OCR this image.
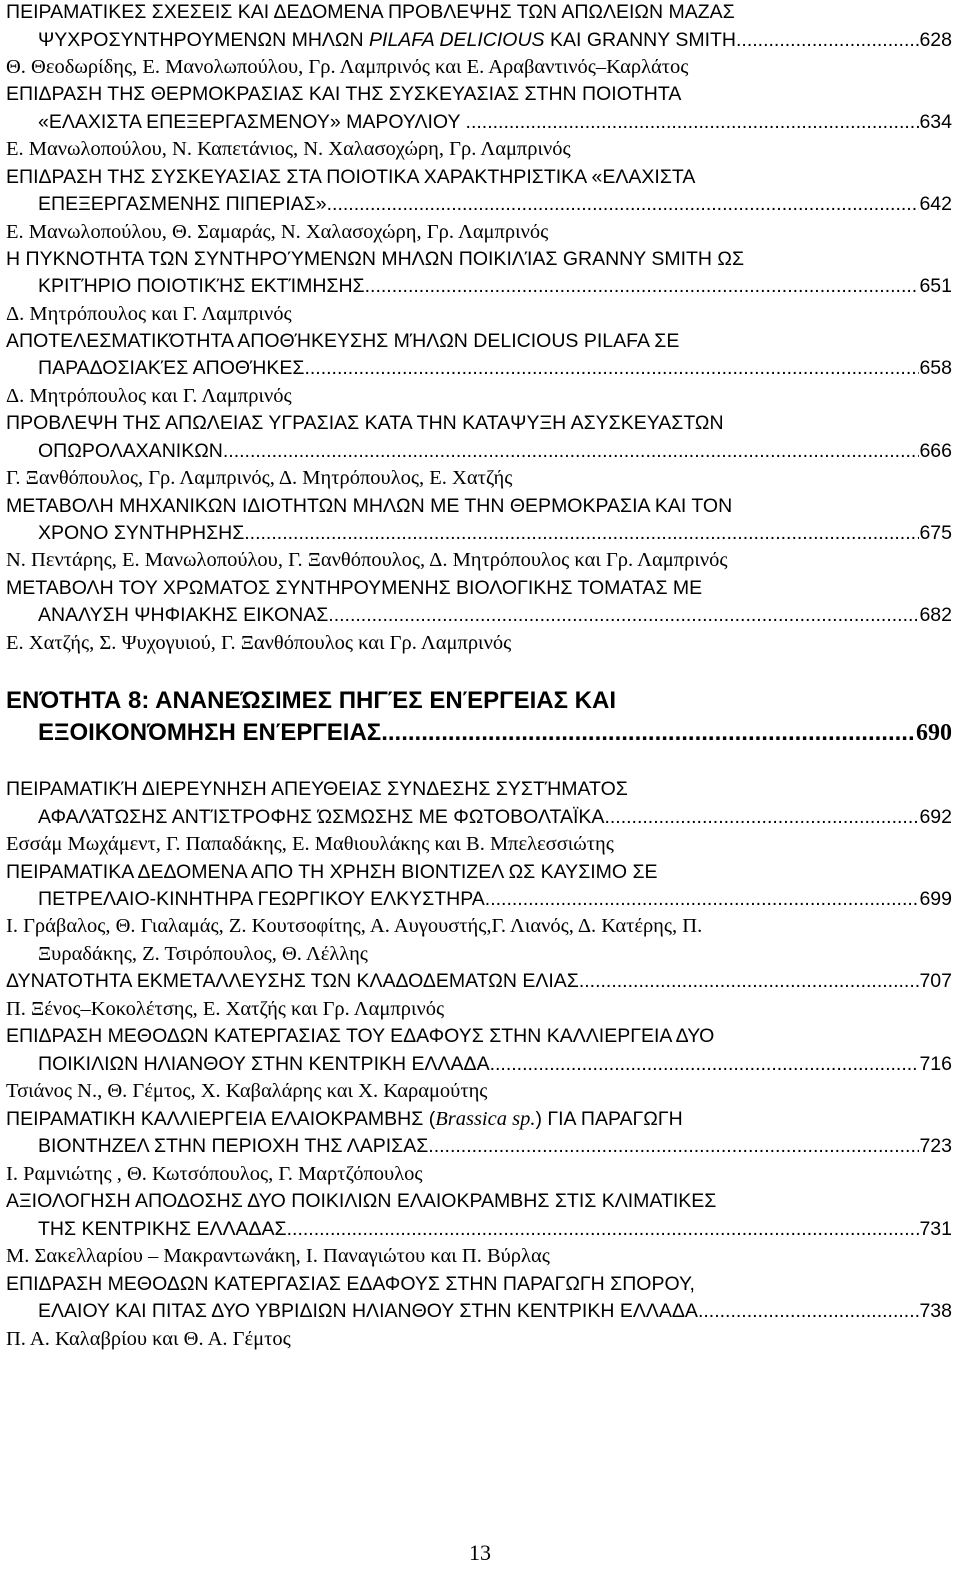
ΠΕΙΡΑΜΑΤΙΚΕΣ ΣΧΕΣΕΙΣ ΚΑΙ ΔΕΔΟΜΕΝΑ ΠΡΟΒΛΕΨΗΣ ΤΩΝ ΑΠΩΛΕΙΩΝ ΜΑΖΑΣ
ΨΥΧΡΟΣΥΝΤΗΡΟΥΜΕΝΩΝ ΜΗΛΩΝ PILAFA DELICIOUS ΚΑΙ GRANNY SMITH .....	628
Θ. Θεοδωρίδης, Ε. Μανολωπούλου, Γρ. Λαμπρινός και Ε. Αραβαντινός–Καρλάτος
ΕΠΙΔΡΑΣΗ ΤΗΣ ΘΕΡΜΟΚΡΑΣΙΑΣ ΚΑΙ ΤΗΣ ΣΥΣΚΕΥΑΣΙΑΣ ΣΤΗΝ ΠΟΙΟΤΗΤΑ
«ΕΛΑΧΙΣΤΑ ΕΠΕΞΕΡΓΑΣΜΕΝΟΥ» ΜΑΡΟΥΛΙΟΥ . .....	634
Ε. Μανωλοπούλου, Ν. Καπετάνιος, Ν. Χαλασοχώρη, Γρ. Λαμπρινός
ΕΠΙΔΡΑΣΗ ΤΗΣ ΣΥΣΚΕΥΑΣΙΑΣ ΣΤΑ ΠΟΙΟΤΙΚΑ ΧΑΡΑΚΤΗΡΙΣΤΙΚΑ «ΕΛΑΧΙΣΤΑ
ΕΠΕΞΕΡΓΑΣΜΕΝΗΣ ΠΙΠΕΡΙΑΣ» .....	642
Ε. Μανωλοπούλου, Θ. Σαμαράς, Ν. Χαλασοχώρη, Γρ. Λαμπρινός
Η ΠΥΚΝΟΤΗΤΑ ΤΩΝ ΣΥΝΤΗΡΟΎΜΕΝΩΝ ΜΗΛΩΝ ΠΟΙΚΙΛΊΑΣ GRANNY SMITH ΩΣ
ΚΡΙΤΉΡΙΟ ΠΟΙΟΤΙΚΉΣ ΕΚΤΊΜΗΣΗΣ .....	651
Δ. Μητρόπουλος και Γ. Λαμπρινός
ΑΠΟΤΕΛΕΣΜΑΤΙΚΌΤΗΤΑ ΑΠΟΘΉΚΕΥΣΗΣ ΜΉΛΩΝ DELICIOUS PILAFA ΣΕ
ΠΑΡΑΔΟΣΙΑΚΈΣ ΑΠΟΘΉΚΕΣ .....	658
Δ. Μητρόπουλος και Γ. Λαμπρινός
ΠΡΟΒΛΕΨΗ ΤΗΣ ΑΠΩΛΕΙΑΣ ΥΓΡΑΣΙΑΣ ΚΑΤΑ ΤΗΝ ΚΑΤΑΨΥΞΗ ΑΣΥΣΚΕΥΑΣΤΩΝ
ΟΠΩΡΟΛΑΧΑΝΙΚΩΝ .....	666
Γ. Ξανθόπουλος, Γρ. Λαμπρινός, Δ. Μητρόπουλος, Ε. Χατζής
ΜΕΤΑΒΟΛΗ ΜΗΧΑΝΙΚΩΝ ΙΔΙΟΤΗΤΩΝ ΜΗΛΩΝ ΜΕ ΤΗΝ ΘΕΡΜΟΚΡΑΣΙΑ ΚΑΙ ΤΟΝ
ΧΡΟΝΟ ΣΥΝΤΗΡΗΣΗΣ .....	675
Ν. Πεντάρης, Ε. Μανωλοπούλου, Γ. Ξανθόπουλος, Δ. Μητρόπουλος και Γρ. Λαμπρινός
ΜΕΤΑΒΟΛΗ ΤΟΥ ΧΡΩΜΑΤΟΣ ΣΥΝΤΗΡΟΥΜΕΝΗΣ ΒΙΟΛΟΓΙΚΗΣ ΤΟΜΑΤΑΣ ΜΕ
ΑΝΑΛΥΣΗ ΨΗΦΙΑΚΗΣ ΕΙΚΟΝΑΣ .....	682
Ε. Χατζής, Σ. Ψυχογυιού, Γ. Ξανθόπουλος και Γρ. Λαμπρινός
ΕΝΌΤΗΤΑ 8: ΑΝΑΝΕΏΣΙΜΕΣ ΠΗΓΈΣ ΕΝΈΡΓΕΙΑΣ ΚΑΙ
ΕΞΟΙΚΟΝΌΜΗΣΗ ΕΝΈΡΓΕΙΑΣ .....	690
ΠΕΙΡΑΜΑΤΙΚΉ ΔΙΕΡΕΥΝΗΣΗ ΑΠΕΥΘΕΙΑΣ ΣΥΝΔΕΣΗΣ ΣΥΣΤΉΜΑΤΟΣ
ΑΦΑΛΆΤΩΣΗΣ ΑΝΤΊΣΤΡΟΦΗΣ ΏΣΜΩΣΗΣ ΜΕ ΦΩΤΟΒΟΛΤΑΪΚΑ .....	692
Εσσάμ Μωχάμεντ, Γ. Παπαδάκης, Ε. Μαθιουλάκης και Β. Μπελεσσιώτης
ΠΕΙΡΑΜΑΤΙΚΑ ΔΕΔΟΜΕΝΑ ΑΠΟ ΤΗ ΧΡΗΣΗ ΒΙΟΝΤΙΖΕΛ ΩΣ ΚΑΥΣΙΜΟ ΣΕ
ΠΕΤΡΕΛΑΙΟ-ΚΙΝΗΤΗΡΑ ΓΕΩΡΓΙΚΟΥ ΕΛΚΥΣΤΗΡΑ .....	699
Ι. Γράβαλος, Θ. Γιαλαμάς, Ζ. Κουτσοφίτης, Α. Αυγουστής,Γ. Λιανός, Δ. Κατέρης, Π.
Ξυραδάκης, Ζ. Τσιρόπουλος, Θ. Λέλλης
ΔΥΝΑΤΟΤΗΤΑ ΕΚΜΕΤΑΛΛΕΥΣΗΣ ΤΩΝ ΚΛΑΔΟΔΕΜΑΤΩΝ ΕΛΙΑΣ .....	707
Π. Ξένος–Κοκολέτσης, Ε. Χατζής και Γρ. Λαμπρινός
ΕΠΙΔΡΑΣΗ ΜΕΘΟΔΩΝ ΚΑΤΕΡΓΑΣΙΑΣ ΤΟΥ ΕΔΑΦΟΥΣ ΣΤΗΝ ΚΑΛΛΙΕΡΓΕΙΑ ΔΥΟ
ΠΟΙΚΙΛΙΩΝ ΗΛΙΑΝΘΟΥ ΣΤΗΝ ΚΕΝΤΡΙΚΗ ΕΛΛΑΔΑ .....	716
Τσιάνος Ν., Θ. Γέμτος, Χ. Καβαλάρης και Χ. Καραμούτης
ΠΕΙΡΑΜΑΤΙΚΗ ΚΑΛΛΙΕΡΓΕΙΑ ΕΛΑΙΟΚΡΑΜΒΗΣ (Brassica sp.) ΓΙΑ ΠΑΡΑΓΩΓΗ
ΒΙΟΝΤΗΖΕΛ ΣΤΗΝ ΠΕΡΙΟΧΗ ΤΗΣ ΛΑΡΙΣΑΣ .....	723
Ι. Ραμνιώτης , Θ. Κωτσόπουλος, Γ. Μαρτζόπουλος
ΑΞΙΟΛΟΓΗΣΗ ΑΠΟΔΟΣΗΣ ΔΥΟ ΠΟΙΚΙΛΙΩΝ ΕΛΑΙΟΚΡΑΜΒΗΣ ΣΤΙΣ ΚΛΙΜΑΤΙΚΕΣ
ΤΗΣ ΚΕΝΤΡΙΚΗΣ ΕΛΛΑΔΑΣ .....	731
Μ. Σακελλαρίου – Μακραντωνάκη, Ι. Παναγιώτου και Π. Βύρλας
ΕΠΙΔΡΑΣΗ ΜΕΘΟΔΩΝ ΚΑΤΕΡΓΑΣΙΑΣ ΕΔΑΦΟΥΣ ΣΤΗΝ ΠΑΡΑΓΩΓΗ ΣΠΟΡΟΥ,
ΕΛΑΙΟΥ ΚΑΙ ΠΙΤΑΣ ΔΥΟ ΥΒΡΙΔΙΩΝ ΗΛΙΑΝΘΟΥ ΣΤΗΝ ΚΕΝΤΡΙΚΗ ΕΛΛΑΔΑ .....	738
Π. Α. Καλαβρίου και Θ. Α. Γέμτος
13
